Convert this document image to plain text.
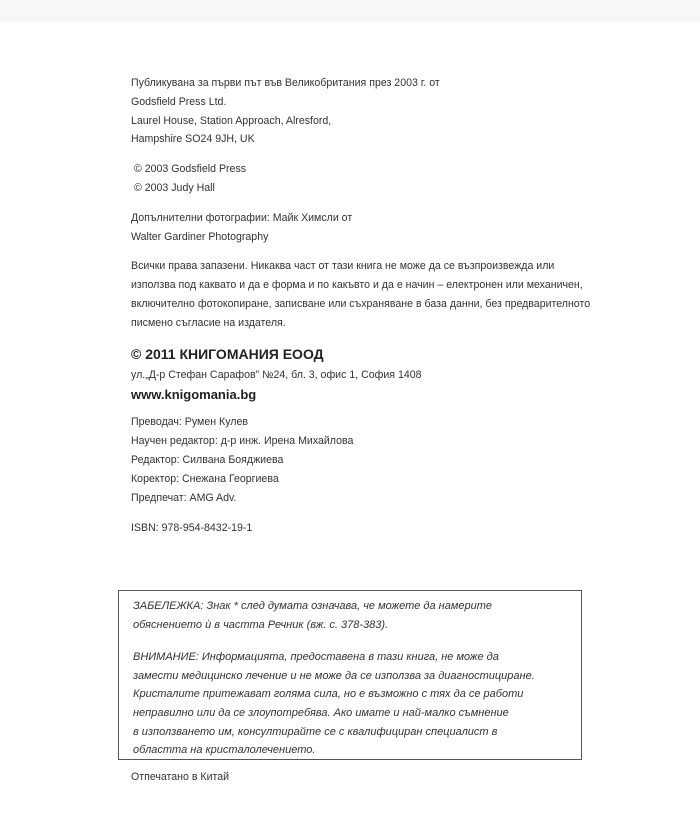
Публикувана за първи път във Великобритания през 2003 г. от
Godsfield Press Ltd.
Laurel House, Station Approach, Alresford,
Hampshire SO24 9JH, UK
© 2003 Godsfield Press
© 2003 Judy Hall
Допълнителни фотографии: Майк Химсли от
Walter Gardiner Photography
Всички права запазени. Никаква част от тази книга не може да се възпроизвежда или
използва под каквато и да е форма и по какъвто и да е начин – електронен или механичен,
включително фотокопиране, записване или съхраняване в база данни, без предварителното
писмено съгласие на издателя.
© 2011 КНИГОМАНИЯ ЕООД
ул.„Д-р Стефан Сарафов” №24, бл. 3, офис 1, София 1408
www.knigomania.bg
Преводач: Румен Кулев
Научен редактор: д-р инж. Ирена Михайлова
Редактор: Силвана Бояджиева
Коректор: Снежана Георгиева
Предпечат: AMG Adv.
ISBN: 978-954-8432-19-1
ЗАБЕЛЕЖКА: Знак * след думата означава, че можете да намерите
обяснението ѝ в частта Речник (вж. с. 378-383).
ВНИМАНИЕ: Информацията, предоставена в тази книга, не може да
замести медицинско лечение и не може да се използва за диагностициране.
Кристалите притежават голяма сила, но е възможно с тях да се работи
неправилно или да се злоупотребява. Ако имате и най-малко съмнение
в използването им, консултирайте се с квалифициран специалист в
областта на кристалолечението.
Отпечатано в Китай
